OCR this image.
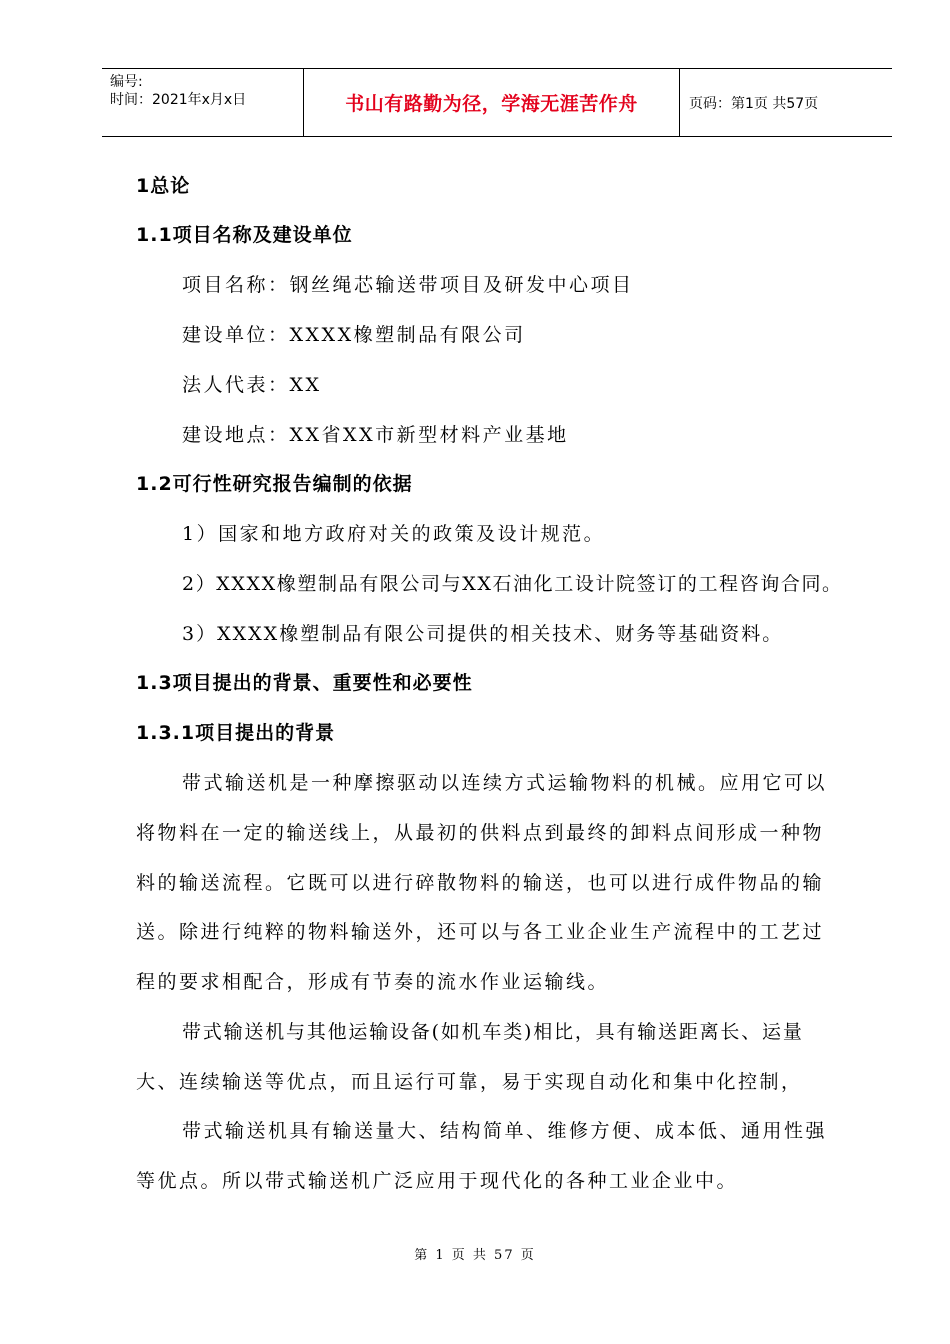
编号:
时间：2021年x月x日	书山有路勤为径，学海无涯苦作舟	页码：第1页 共57页
1总论
1.1项目名称及建设单位
项目名称：钢丝绳芯输送带项目及研发中心项目
建设单位：XXXX橡塑制品有限公司
法人代表：XX
建设地点：XX省XX市新型材料产业基地
1.2可行性研究报告编制的依据
1）国家和地方政府对关的政策及设计规范。
2）XXXX橡塑制品有限公司与XX石油化工设计院签订的工程咨询合同。
3）XXXX橡塑制品有限公司提供的相关技术、财务等基础资料。
1.3项目提出的背景、重要性和必要性
1.3.1项目提出的背景
带式输送机是一种摩擦驱动以连续方式运输物料的机械。应用它可以
将物料在一定的输送线上，从最初的供料点到最终的卸料点间形成一种物
料的输送流程。它既可以进行碎散物料的输送，也可以进行成件物品的输
送。除进行纯粹的物料输送外，还可以与各工业企业生产流程中的工艺过
程的要求相配合，形成有节奏的流水作业运输线。
带式输送机与其他运输设备(如机车类)相比，具有输送距离长、运量
大、连续输送等优点，而且运行可靠，易于实现自动化和集中化控制，
带式输送机具有输送量大、结构简单、维修方便、成本低、通用性强
等优点。所以带式输送机广泛应用于现代化的各种工业企业中。
第 1 页 共 57 页
